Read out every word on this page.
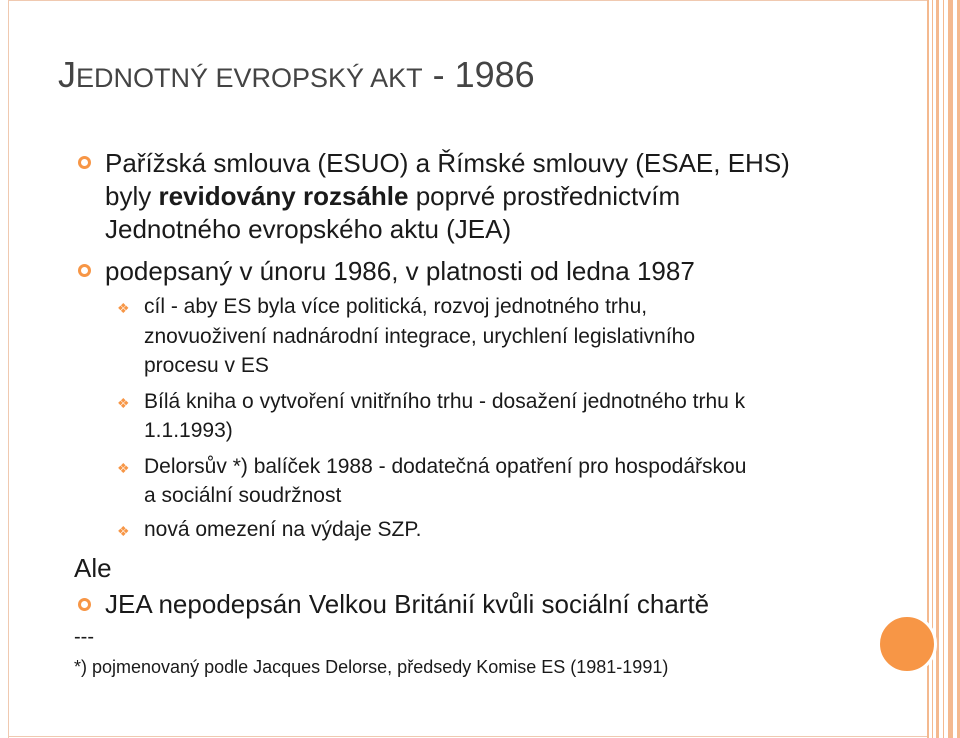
JEDNOTNÝ EVROPSKÝ AKT - 1986
Pařížská smlouva (ESUO) a Římské smlouvy (ESAE, EHS)
byly revidovány rozsáhle poprvé prostřednictvím
Jednotného evropského aktu (JEA)
podepsaný v únoru 1986, v platnosti od ledna 1987
❖ cíl - aby ES byla více politická, rozvoj jednotného trhu,
znovuoživení nadnárodní integrace, urychlení legislativního
procesu v ES
❖ Bílá kniha o vytvoření vnitřního trhu - dosažení jednotného trhu k
1.1.1993)
❖ Delorsův *) balíček 1988 - dodatečná opatření pro hospodářskou
a sociální soudržnost
❖ nová omezení na výdaje SZP.
Ale
JEA nepodepsán Velkou Británií kvůli sociální chartě
---
*) pojmenovaný podle Jacques Delorse, předsedy Komise ES (1981-1991)
